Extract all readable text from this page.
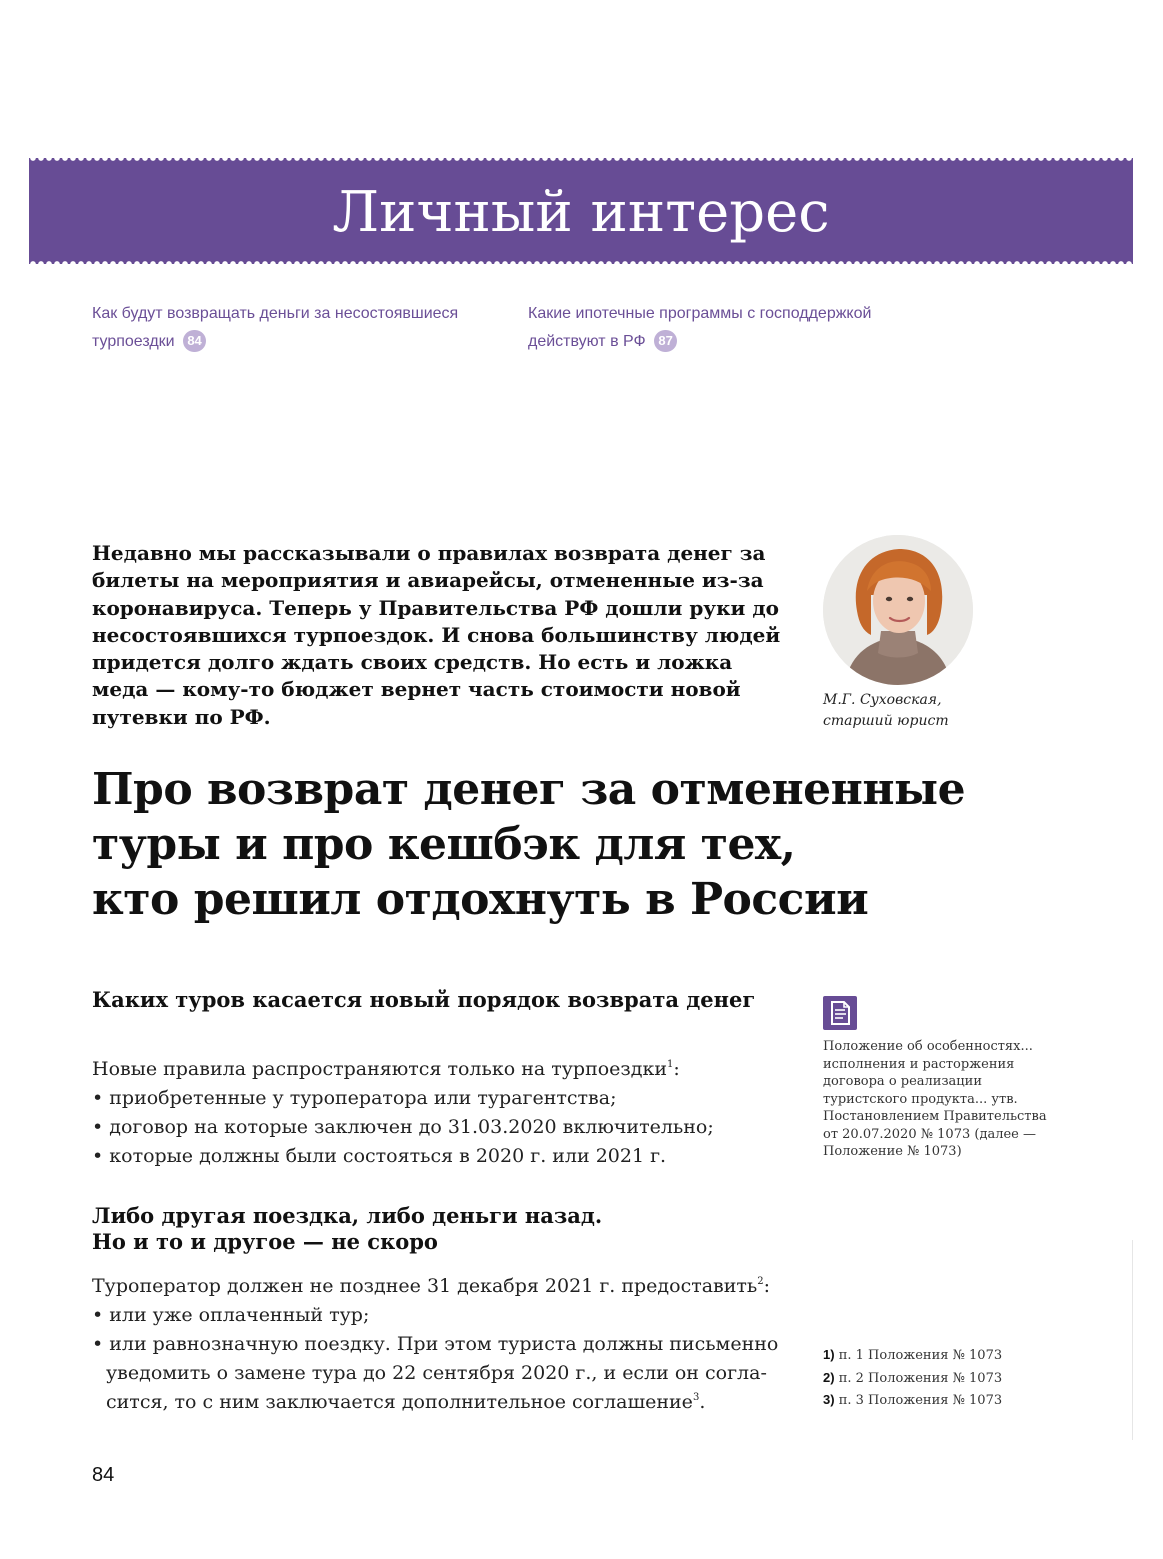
Личный интерес
Как будут возвращать деньги за несостоявшиеся турпоездки 84
Какие ипотечные программы с господдержкой действуют в РФ 87

Недавно мы рассказывали о правилах возврата денег за билеты на мероприятия и авиарейсы, отмененные из-за коронавируса. Теперь у Правительства РФ дошли руки до несостоявшихся турпоездок. И снова большинству людей придется долго ждать своих средств. Но есть и ложка меда — кому-то бюджет вернет часть стоимости новой путевки по РФ.

М.Г. Суховская,
старший юрист
Про возврат денег за отмененные
туры и про кешбэк для тех,
кто решил отдохнуть в России
Каких туров касается новый порядок возврата денег

Новые правила распространяются только на турпоездки$^1$:

• приобретенные у туроператора или турагентства;
• договор на которые заключен до 31.03.2020 включительно;
• которые должны были состояться в 2020 г. или 2021 г.
Либо другая поездка, либо деньги назад.
Но и то и другое — не скоро

Туроператор должен не позднее 31 декабря 2021 г. предоставить$^2$:

• или уже оплаченный тур;
• или равнозначную поездку. При этом туриста должны письменно уведомить о замене тура до 22 сентября 2020 г., и если он согласится, то с ним заключается дополнительное соглашение$^3$.
Положение об особенностях... исполнения и расторжения договора о реализации туристского продукта... утв. Постановлением Правительства от 20.07.2020 № 1073 (далее — Положение № 1073)
1) п. 1 Положения № 1073
2) п. 2 Положения № 1073
3) п. 3 Положения № 1073
84
